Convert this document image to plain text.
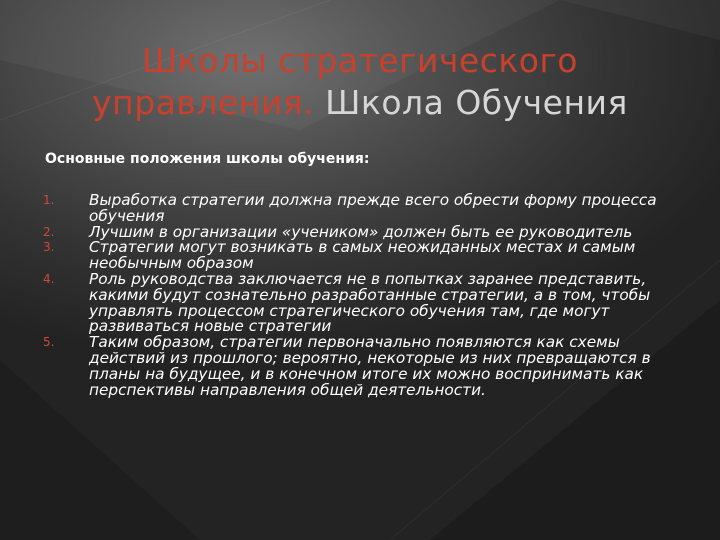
Школы стратегического
управления. Школа Обучения
Основные положения школы обучения:
1. Выработка стратегии должна прежде всего обрести форму процесса обучения
2. Лучшим в организации «учеником» должен быть ее руководитель
3. Стратегии могут возникать в самых неожиданных местах и самым необычным образом
4. Роль руководства заключается не в попытках заранее представить, какими будут сознательно разработанные стратегии, а в том, чтобы управлять процессом стратегического обучения там, где могут развиваться новые стратегии
5. Таким образом, стратегии первоначально появляются как схемы действий из прошлого; вероятно, некоторые из них превращаются в планы на будущее, и в конечном итоге их можно воспринимать как перспективы направления общей деятельности.
